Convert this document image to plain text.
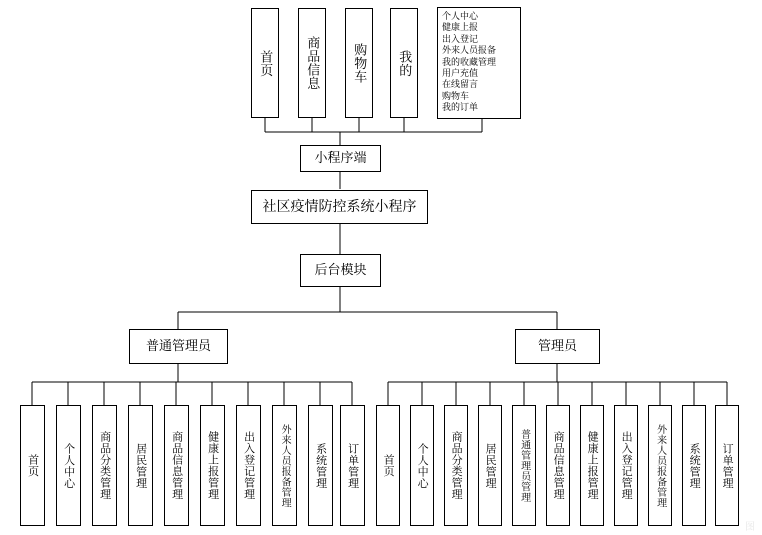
首页 商品信息 购物车 我的
个人中心
健康上报
出入登记
外来人员报备
我的收藏管理
用户充值
在线留言
购物车
我的订单
小程序端
社区疫情防控系统小程序
后台模块
普通管理员	管理员
首页 个人中心 商品分类管理 居民管理 商品信息管理 健康上报管理 出入登记管理 外来人员报备管理 系统管理 订单管理 首页 个人中心 商品分类管理 居民管理 普通管理员管理 商品信息管理 健康上报管理 出入登记管理 外来人员报备管理 系统管理 订单管理
图
